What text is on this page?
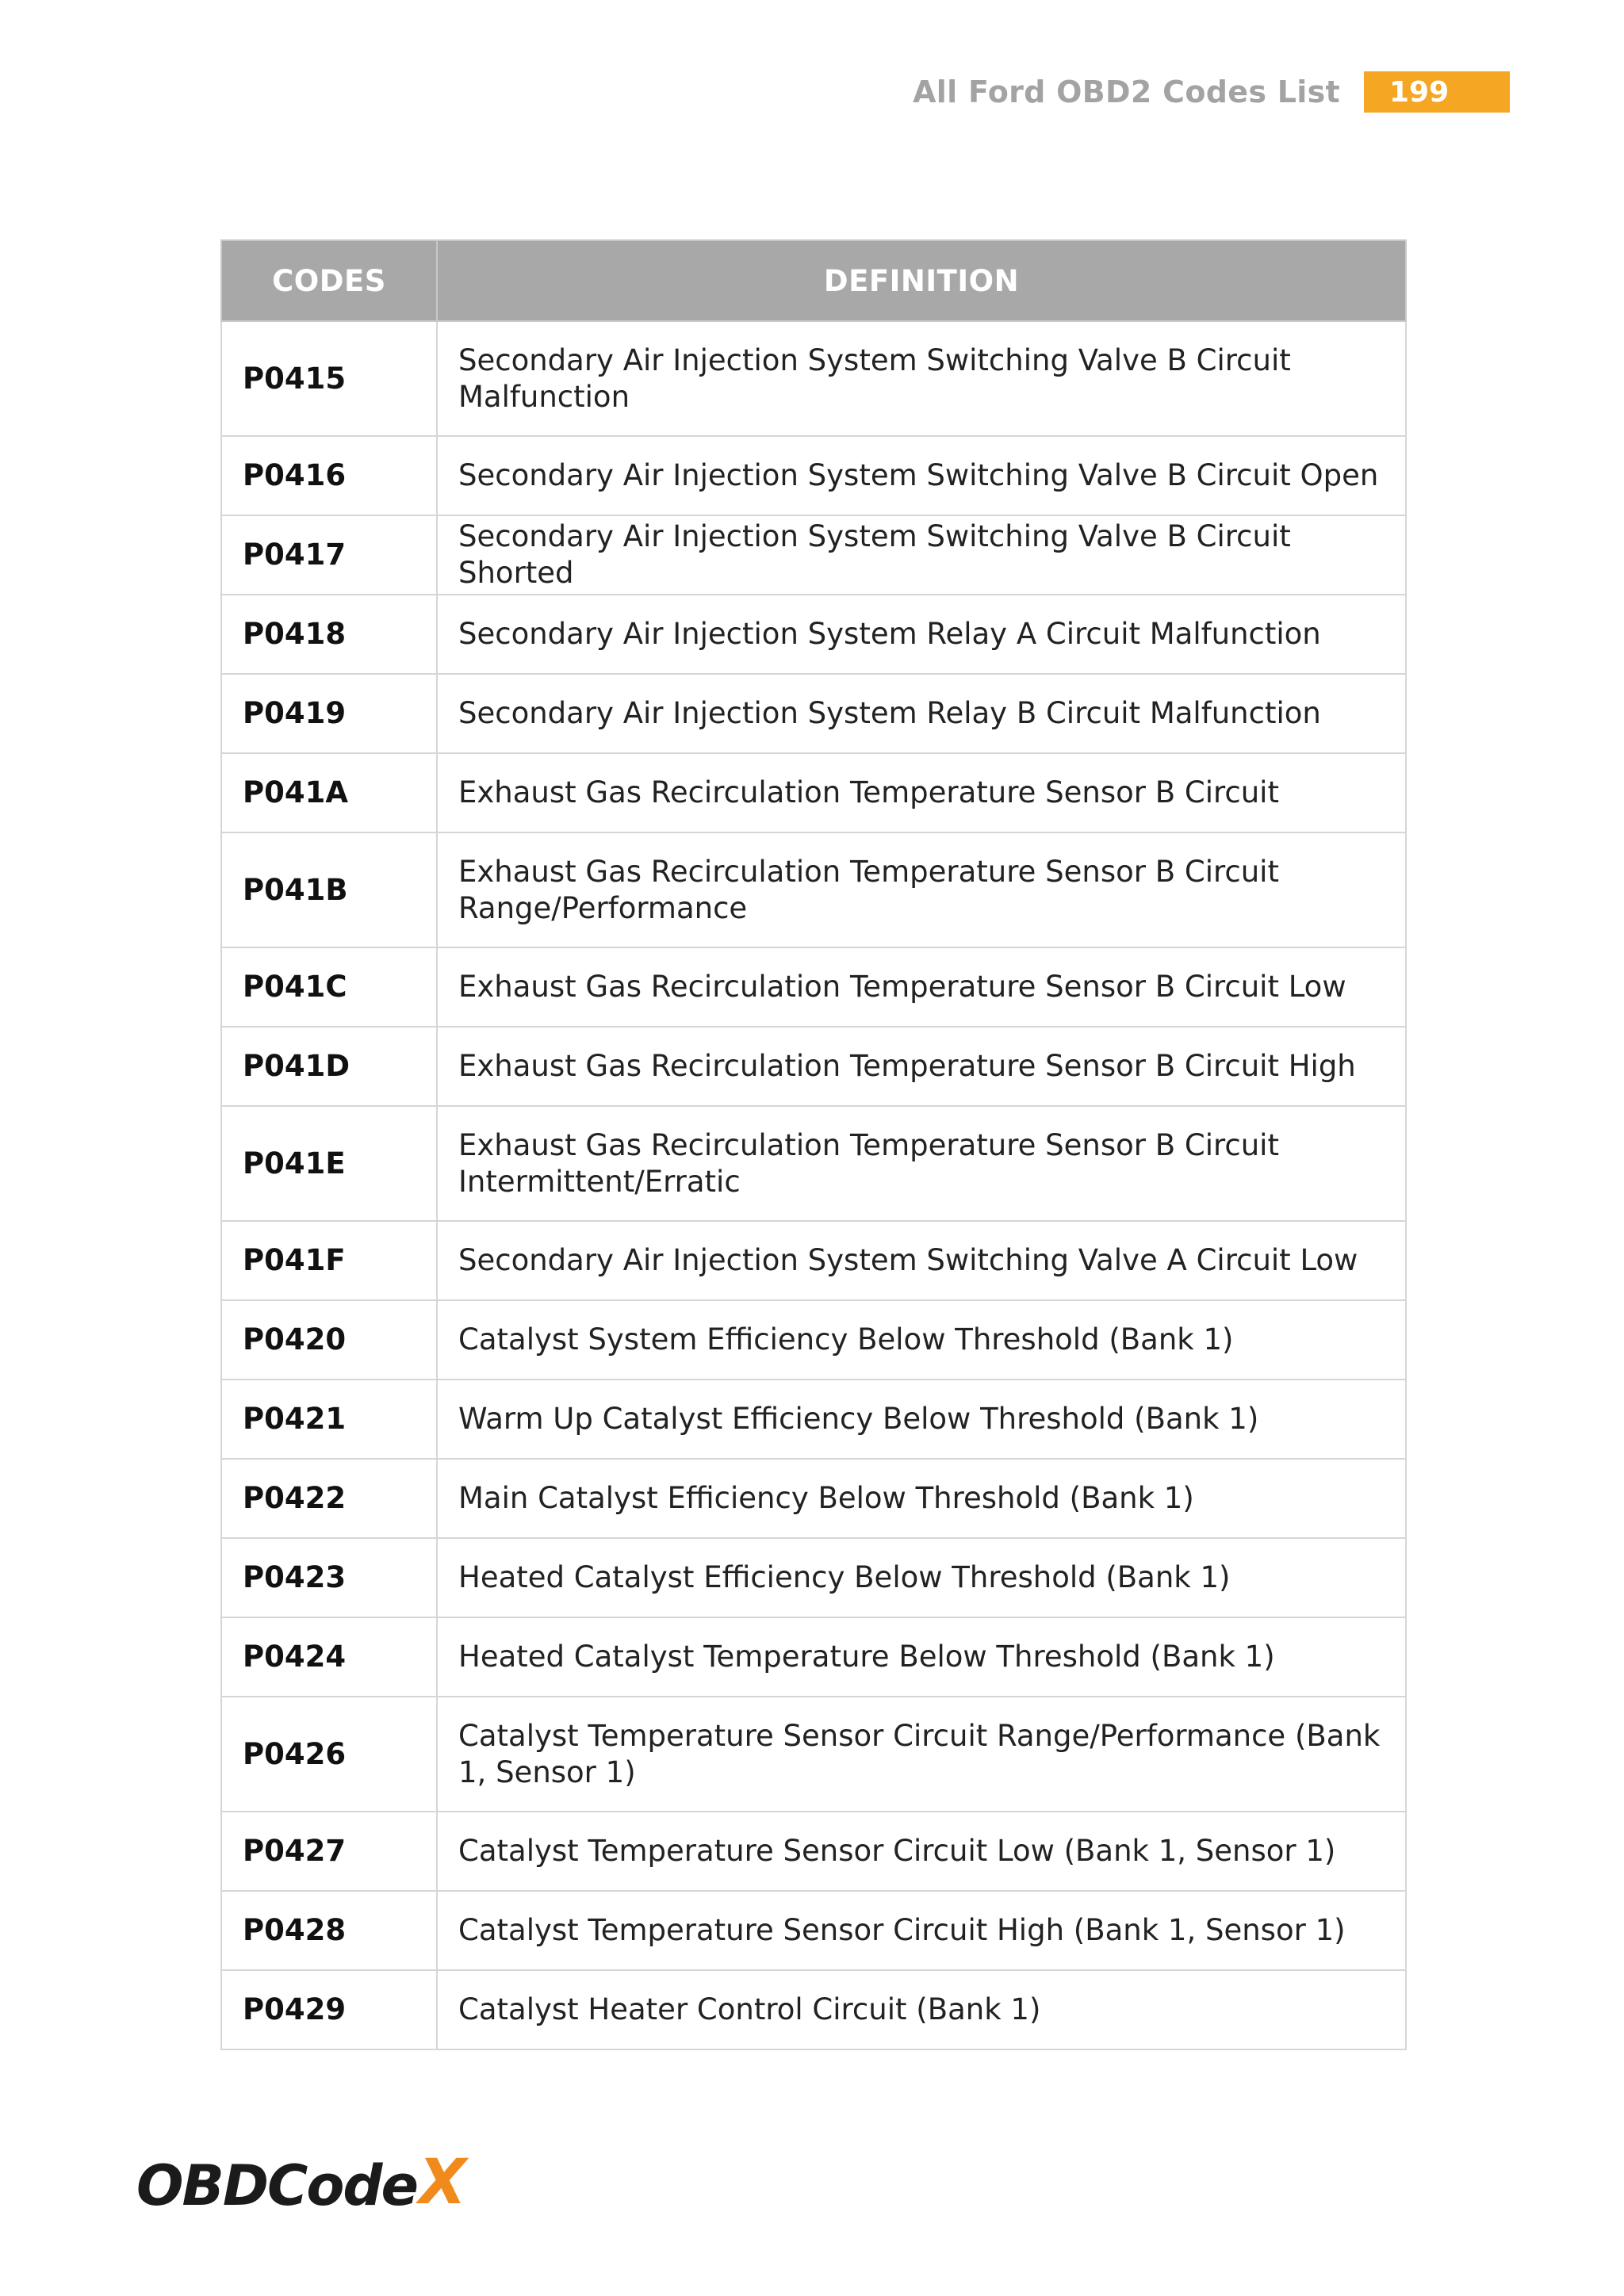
All Ford OBD2 Codes List	199
CODES	DEFINITION
P0415	Secondary Air Injection System Switching Valve B Circuit Malfunction
P0416	Secondary Air Injection System Switching Valve B Circuit Open
P0417	Secondary Air Injection System Switching Valve B Circuit Shorted
P0418	Secondary Air Injection System Relay A Circuit Malfunction
P0419	Secondary Air Injection System Relay B Circuit Malfunction
P041A	Exhaust Gas Recirculation Temperature Sensor B Circuit
P041B	Exhaust Gas Recirculation Temperature Sensor B Circuit Range/Performance
P041C	Exhaust Gas Recirculation Temperature Sensor B Circuit Low
P041D	Exhaust Gas Recirculation Temperature Sensor B Circuit High
P041E	Exhaust Gas Recirculation Temperature Sensor B Circuit Intermittent/Erratic
P041F	Secondary Air Injection System Switching Valve A Circuit Low
P0420	Catalyst System Efficiency Below Threshold (Bank 1)
P0421	Warm Up Catalyst Efficiency Below Threshold (Bank 1)
P0422	Main Catalyst Efficiency Below Threshold (Bank 1)
P0423	Heated Catalyst Efficiency Below Threshold (Bank 1)
P0424	Heated Catalyst Temperature Below Threshold (Bank 1)
P0426	Catalyst Temperature Sensor Circuit Range/Performance (Bank 1, Sensor 1)
P0427	Catalyst Temperature Sensor Circuit Low (Bank 1, Sensor 1)
P0428	Catalyst Temperature Sensor Circuit High (Bank 1, Sensor 1)
P0429	Catalyst Heater Control Circuit (Bank 1)
OBDCode X
